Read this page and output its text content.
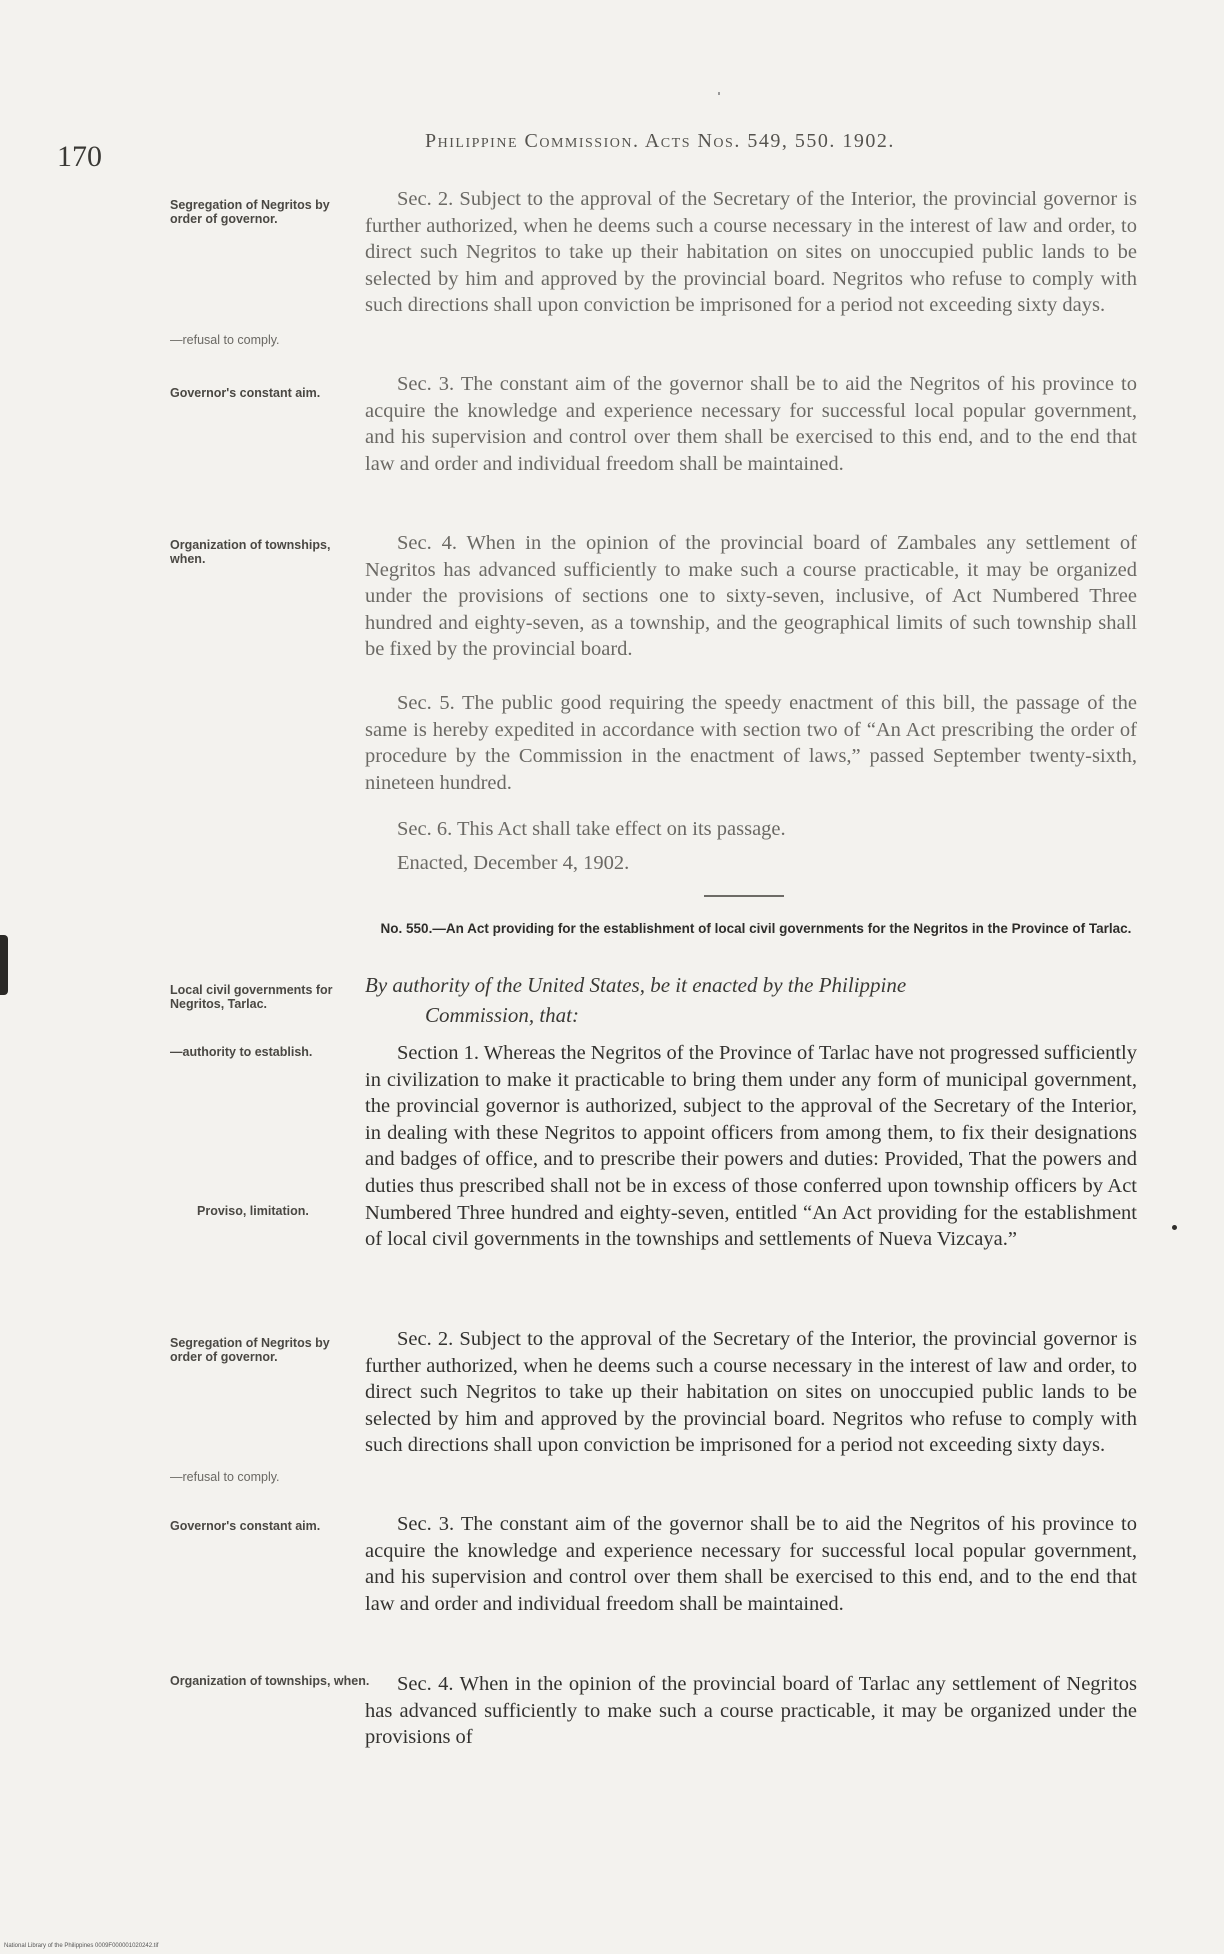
170	Philippine Commission. Acts Nos. 549, 550. 1902.
Segregation of Negritos by order of governor.
—refusal to comply.
Governor's constant aim.
Organization of townships, when.

Sec. 2. Subject to the approval of the Secretary of the Interior, the provincial governor is further authorized, when he deems such a course necessary in the interest of law and order, to direct such Negritos to take up their habitation on sites on unoccupied public lands to be selected by him and approved by the provincial board. Negritos who refuse to comply with such directions shall upon conviction be imprisoned for a period not exceeding sixty days.

Sec. 3. The constant aim of the governor shall be to aid the Negritos of his province to acquire the knowledge and experience necessary for successful local popular government, and his supervision and control over them shall be exercised to this end, and to the end that law and order and individual freedom shall be maintained.

Sec. 4. When in the opinion of the provincial board of Zambales any settlement of Negritos has advanced sufficiently to make such a course practicable, it may be organized under the provisions of sections one to sixty-seven, inclusive, of Act Numbered Three hundred and eighty-seven, as a township, and the geographical limits of such township shall be fixed by the provincial board.

Sec. 5. The public good requiring the speedy enactment of this bill, the passage of the same is hereby expedited in accordance with section two of “An Act prescribing the order of procedure by the Commission in the enactment of laws,” passed September twenty-sixth, nineteen hundred.

Sec. 6. This Act shall take effect on its passage.

Enacted, December 4, 1902.

No. 550.—An Act providing for the establishment of local civil governments for the Negritos in the Province of Tarlac.
Local civil governments for Negritos, Tarlac.
By authority of the United States, be it enacted by the Philippine
Commission, that:
—authority to establish.
Proviso, limitation.

Section 1. Whereas the Negritos of the Province of Tarlac have not progressed sufficiently in civilization to make it practicable to bring them under any form of municipal government, the provincial governor is authorized, subject to the approval of the Secretary of the Interior, in dealing with these Negritos to appoint officers from among them, to fix their designations and badges of office, and to prescribe their powers and duties: Provided, That the powers and duties thus prescribed shall not be in excess of those conferred upon township officers by Act Numbered Three hundred and eighty-seven, entitled “An Act providing for the establishment of local civil governments in the townships and settlements of Nueva Vizcaya.”

Segregation of Negritos by order of governor.
—refusal to comply.

Sec. 2. Subject to the approval of the Secretary of the Interior, the provincial governor is further authorized, when he deems such a course necessary in the interest of law and order, to direct such Negritos to take up their habitation on sites on unoccupied public lands to be selected by him and approved by the provincial board. Negritos who refuse to comply with such directions shall upon conviction be imprisoned for a period not exceeding sixty days.

Governor's constant aim.	Sec. 3. The constant aim of the governor shall be to aid the Negritos of his province to acquire the knowledge and experience necessary for successful local popular government, and his supervision and control over them shall be exercised to this end, and to the end that law and order and individual freedom shall be maintained.

Organization of townships, when.	Sec. 4. When in the opinion of the provincial board of Tarlac any settlement of Negritos has advanced sufficiently to make such a course practicable, it may be organized under the provisions of

National Library of the Philippines 0009F000001020242.tif
